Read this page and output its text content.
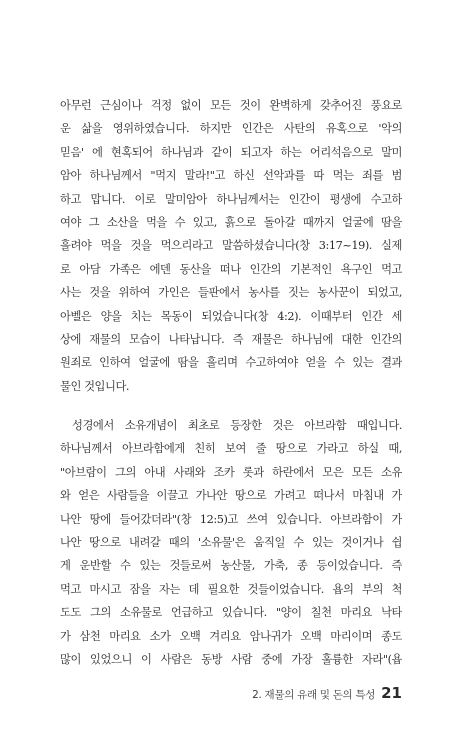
아무런 근심이나 걱정 없이 모든 것이 완벽하게 갖추어진 풍요로
운 삶을 영위하였습니다. 하지만 인간은 사탄의 유혹으로 '악의
믿음' 에 현혹되어 하나님과 같이 되고자 하는 어리석음으로 말미
암아 하나님께서 "먹지 말라!"고 하신 선악과를 따 먹는 죄를 범
하고 맙니다. 이로 말미암아 하나님께서는 인간이 평생에 수고하
여야 그 소산을 먹을 수 있고, 흙으로 돌아갈 때까지 얼굴에 땀을
흘려야 먹을 것을 먹으리라고 말씀하셨습니다(창 3:17~19). 실제
로 아담 가족은 에덴 동산을 떠나 인간의 기본적인 욕구인 먹고
사는 것을 위하여 가인은 들판에서 농사를 짓는 농사꾼이 되었고,
아벨은 양을 치는 목동이 되었습니다(창 4:2). 이때부터 인간 세
상에 재물의 모습이 나타납니다. 즉 재물은 하나님에 대한 인간의
원죄로 인하여 얼굴에 땀을 흘리며 수고하여야 얻을 수 있는 결과
물인 것입니다.
성경에서 소유개념이 최초로 등장한 것은 아브라함 때입니다.
하나님께서 아브라함에게 친히 보여 줄 땅으로 가라고 하실 때,
"아브람이 그의 아내 사래와 조카 롯과 하란에서 모은 모든 소유
와 얻은 사람들을 이끌고 가나안 땅으로 가려고 떠나서 마침내 가
나안 땅에 들어갔더라"(창 12:5)고 쓰여 있습니다. 아브라함이 가
나안 땅으로 내려갈 때의 '소유물'은 움직일 수 있는 것이거나 쉽
게 운반할 수 있는 것들로써 농산물, 가축, 종 등이었습니다. 즉
먹고 마시고 잠을 자는 데 필요한 것들이었습니다. 욥의 부의 척
도도 그의 소유물로 언급하고 있습니다. "양이 칠천 마리요 낙타
가 삼천 마리요 소가 오백 겨리요 암나귀가 오백 마리이며 종도
많이 있었으니 이 사람은 동방 사람 중에 가장 훌륭한 자라"(욥
2. 재물의 유래 및 돈의 특성 21
